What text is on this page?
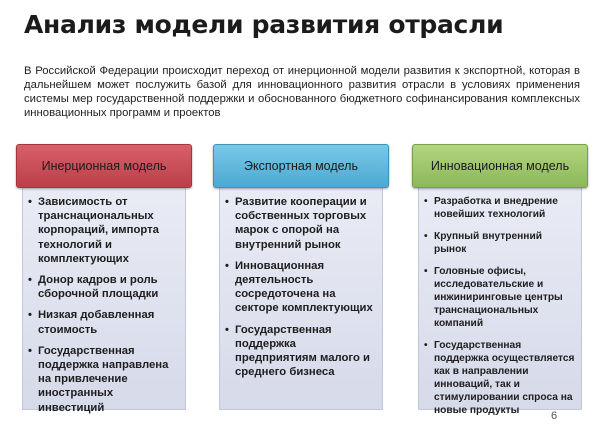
Анализ модели развития отрасли
В Российской Федерации происходит переход от инерционной модели развития к экспортной, которая в дальнейшем может послужить базой для инновационного развития отрасли в условиях применения системы мер государственной поддержки и обоснованного бюджетного софинансирования комплексных инновационных программ и проектов
Инерционная модель
• Зависимость от транснациональных корпораций, импорта технологий и комплектующих
• Донор кадров и роль сборочной площадки
• Низкая добавленная стоимость
• Государственная поддержка направлена на привлечение иностранных инвестиций
Экспортная модель
• Развитие кооперации и собственных торговых марок с опорой на внутренний рынок
• Инновационная деятельность сосредоточена на секторе комплектующих
• Государственная поддержка предприятиям малого и среднего бизнеса
Инновационная модель
• Разработка и внедрение новейших технологий
• Крупный внутренний рынок
• Головные офисы, исследовательские и инжиниринговые центры транснациональных компаний
• Государственная поддержка осуществляется как в направлении инноваций, так и стимулировании спроса на новые продукты	6
